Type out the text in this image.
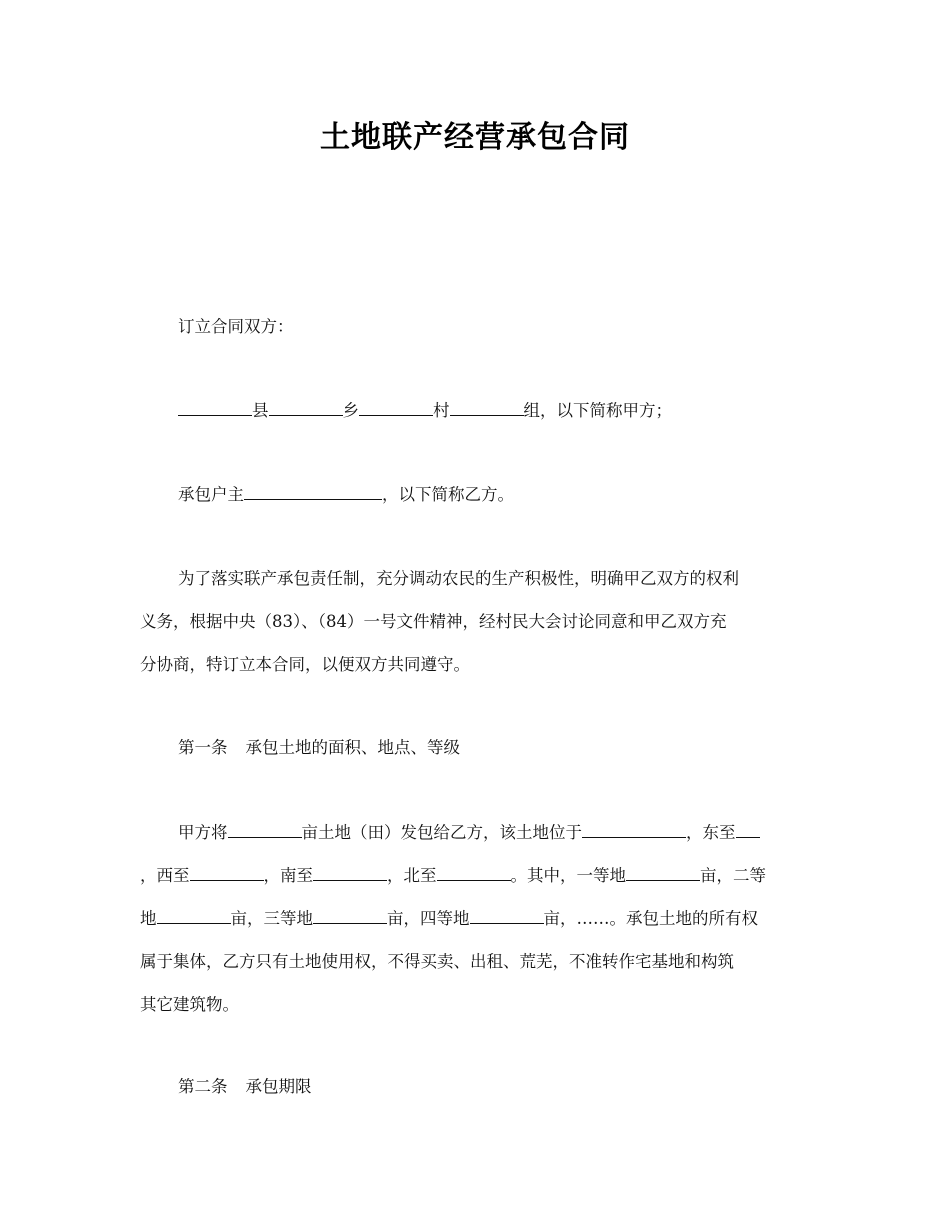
土地联产经营承包合同
订立合同双方：
县	乡	村	组，以下简称甲方；
承包户主	，以下简称乙方。
为了落实联产承包责任制，充分调动农民的生产积极性，明确甲乙双方的权利
义务，根据中央（83）、（84）一号文件精神，经村民大会讨论同意和甲乙双方充
分协商，特订立本合同，以便双方共同遵守。
第一条 承包土地的面积、地点、等级
甲方将	亩土地（田）发包给乙方，该土地位于	，东至
，西至	，南至	，北至	。其中，一等地	亩，二等
地	亩，三等地	亩，四等地	亩，……。承包土地的所有权
属于集体，乙方只有土地使用权，不得买卖、出租、荒芜，不准转作宅基地和构筑
其它建筑物。
第二条 承包期限
